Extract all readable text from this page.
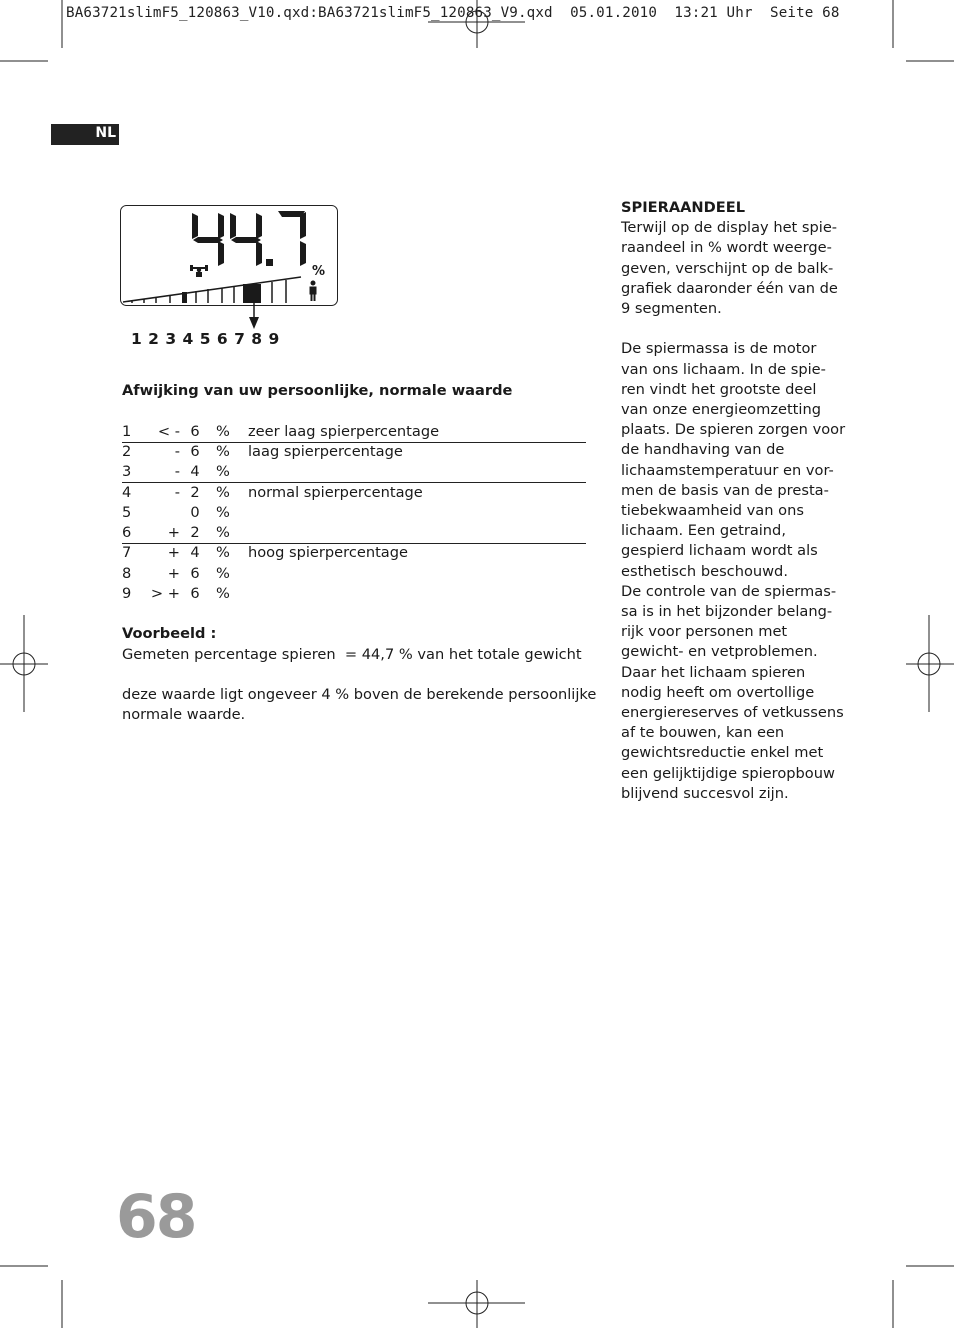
BA63721slimF5_120863_V10.qxd:BA63721slimF5_120863_V9.qxd  05.01.2010  13:21 Uhr  Seite 68
NL
%
1 2 3 4 5 6 7 8 9
Afwijking van uw persoonlijke, normale waarde
1	< - 6 % zeer laag spierpercentage
2	- 6 % laag spierpercentage
3	- 4 %
4	- 2 % normal spierpercentage
5	0 %
6	+ 2 %
7	+ 4 % hoog spierpercentage
8	+ 6 %
9 > + 6 %
Voorbeeld :
Gemeten percentage spieren  = 44,7 % van het totale gewicht
deze waarde ligt ongeveer 4 % boven de berekende persoonlijke
normale waarde.

SPIERAANDEEL

Terwijl op de display het spie-

raandeel in % wordt weerge-

geven, verschijnt op de balk-

grafiek daaronder één van de

9 segmenten.

De spiermassa is de motor

van ons lichaam. In de spie-

ren vindt het grootste deel

van onze energieomzetting

plaats. De spieren zorgen voor

de handhaving van de

lichaamstemperatuur en vor-

men de basis van de presta-

tiebekwaamheid van ons

lichaam. Een getraind,

gespierd lichaam wordt als

esthetisch beschouwd.

De controle van de spiermas-

sa is in het bijzonder belang-

rijk voor personen met

gewicht- en vetproblemen.

Daar het lichaam spieren

nodig heeft om overtollige

energiereserves of vetkussens

af te bouwen, kan een

gewichtsreductie enkel met

een gelijktijdige spieropbouw

blijvend succesvol zijn.

68
